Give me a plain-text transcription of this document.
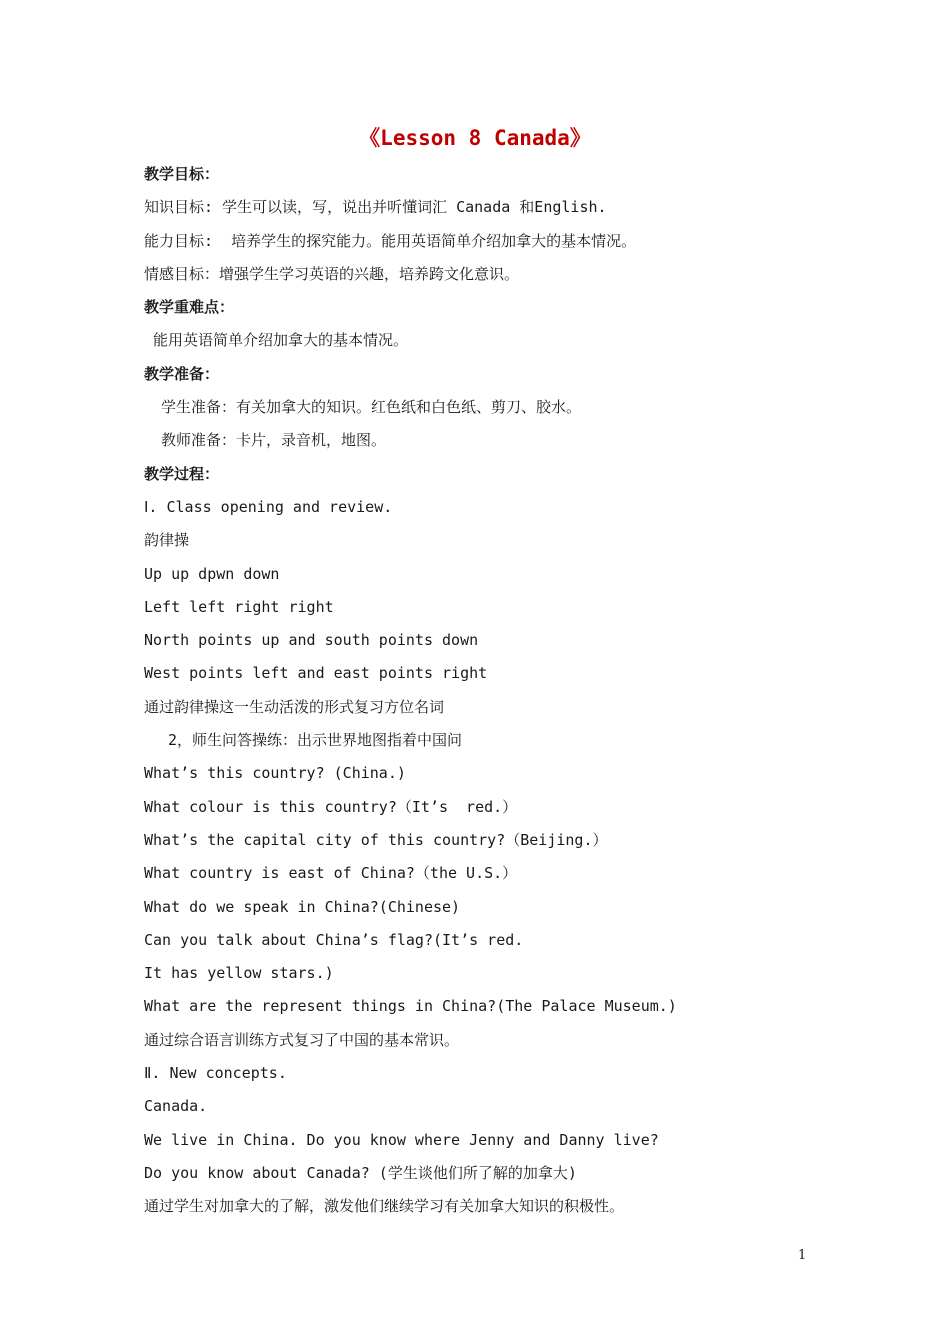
《Lesson 8 Canada》
教学目标：
知识目标: 学生可以读，写，说出并听懂词汇 Canada 和English.
能力目标:  培养学生的探究能力。能用英语简单介绍加拿大的基本情况。
情感目标：增强学生学习英语的兴趣，培养跨文化意识。
教学重难点：
能用英语简单介绍加拿大的基本情况。
教学准备：
学生准备：有关加拿大的知识。红色纸和白色纸、剪刀、胶水。
教师准备：卡片，录音机，地图。
教学过程：
Ⅰ. Class opening and review.
韵律操
Up up dpwn down
Left left right right
North points up and south points down
West points left and east points right
通过韵律操这一生动活泼的形式复习方位名词
2，师生问答操练：出示世界地图指着中国问
What’s this country? (China.)
What colour is this country?（It’s  red.）
What’s the capital city of this country?（Beijing.）
What country is east of China?（the U.S.）
What do we speak in China?(Chinese)
Can you talk about China’s flag?(It’s red.
It has yellow stars.)
What are the represent things in China?(The Palace Museum.)
通过综合语言训练方式复习了中国的基本常识。
Ⅱ. New concepts.
Canada.
We live in China. Do you know where Jenny and Danny live?
Do you know about Canada? (学生谈他们所了解的加拿大)
通过学生对加拿大的了解，激发他们继续学习有关加拿大知识的积极性。
1
